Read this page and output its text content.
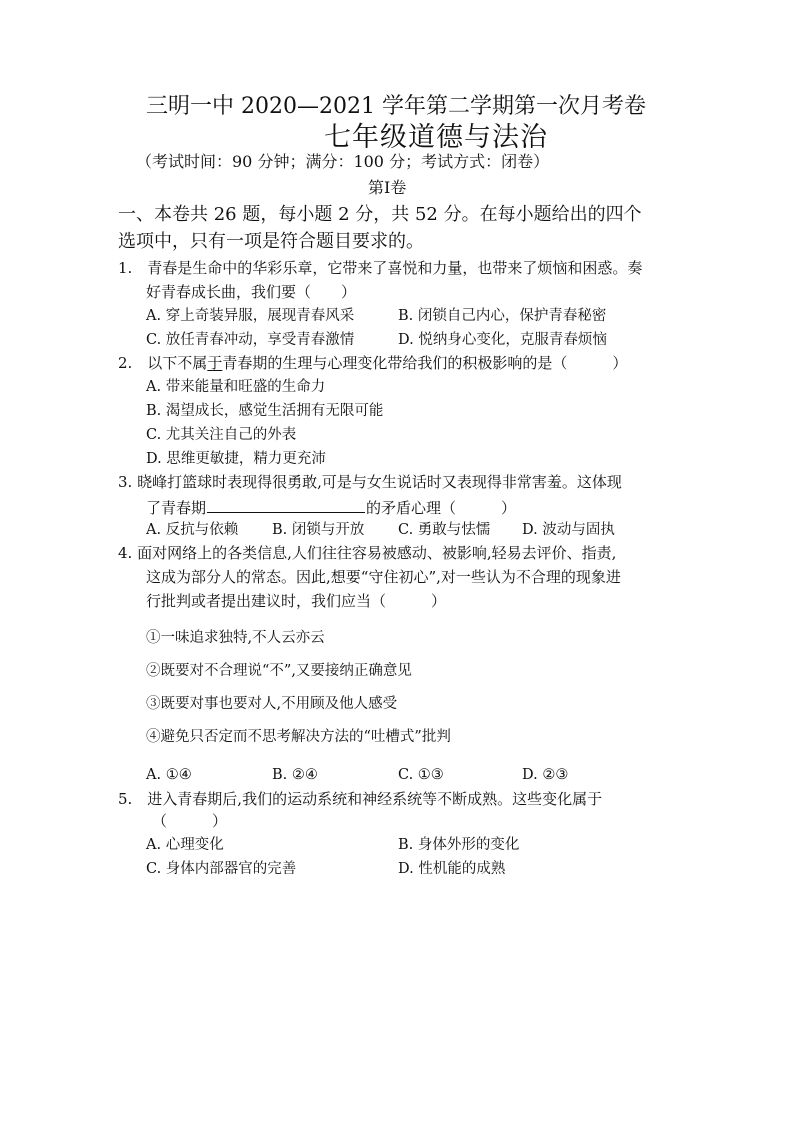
三明一中 2020—2021 学年第二学期第一次月考卷
七年级道德与法治
（考试时间：90 分钟；满分：100 分；考试方式：闭卷）
第Ⅰ卷
一、本卷共 26 题，每小题 2 分，共 52 分。在每小题给出的四个
选项中，只有一项是符合题目要求的。
1.　青春是生命中的华彩乐章，它带来了喜悦和力量，也带来了烦恼和困惑。奏
好青春成长曲，我们要（　　）
A. 穿上奇装异服，展现青春风采	B. 闭锁自己内心，保护青春秘密
C. 放任青春冲动，享受青春激情	D. 悦纳身心变化，克服青春烦恼
2.　以下不属于青春期的生理与心理变化带给我们的积极影响的是（　　　）
A. 带来能量和旺盛的生命力
B. 渴望成长，感觉生活拥有无限可能
C. 尤其关注自己的外表
D. 思维更敏捷，精力更充沛
3. 晓峰打篮球时表现得很勇敢,可是与女生说话时又表现得非常害羞。这体现
了青春期	的矛盾心理（　　　）
A. 反抗与依赖 B. 闭锁与开放 C. 勇敢与怯懦 D. 波动与固执
4. 面对网络上的各类信息,人们往往容易被感动、被影响,轻易去评价、指责,
这成为部分人的常态。因此,想要“守住初心”,对一些认为不合理的现象进
行批判或者提出建议时，我们应当（　　　）
①一味追求独特,不人云亦云
②既要对不合理说“不”,又要接纳正确意见
③既要对事也要对人,不用顾及他人感受
④避免只否定而不思考解决方法的“吐槽式”批判
A. ①④	B. ②④	C. ①③	D. ②③
5.　进入青春期后,我们的运动系统和神经系统等不断成熟。这些变化属于
（　　　）
A. 心理变化	B. 身体外形的变化
C. 身体内部器官的完善	D. 性机能的成熟
